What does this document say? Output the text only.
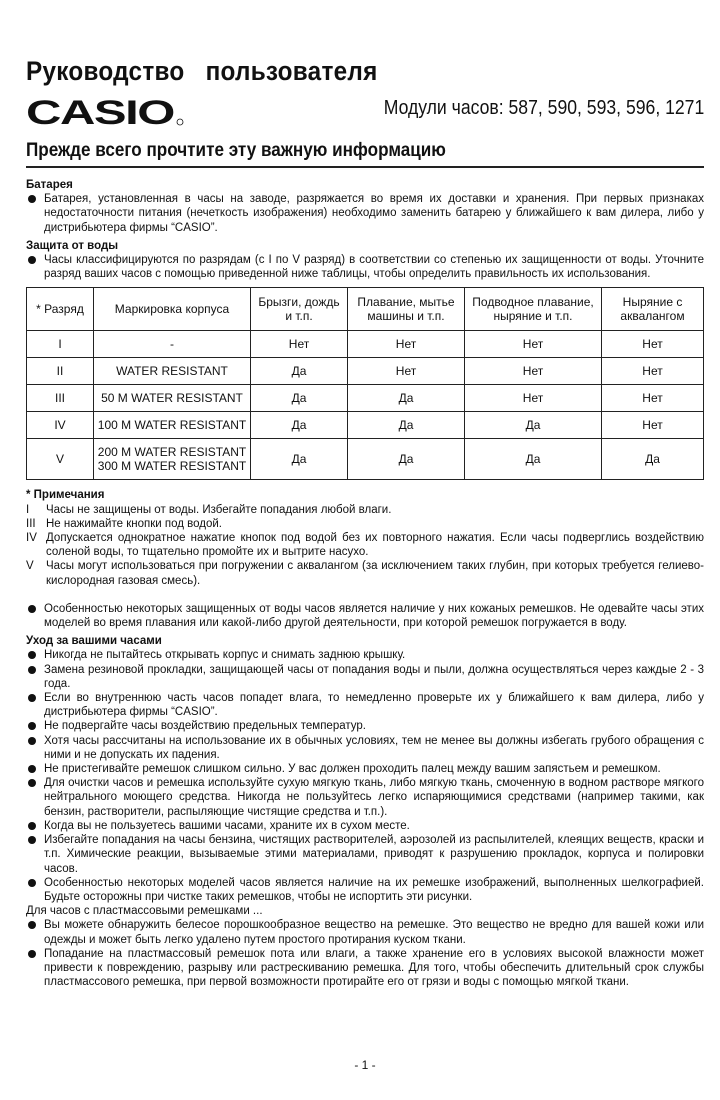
Руководство   пользователя
CASIO	Модули часов: 587, 590, 593, 596, 1271
Прежде всего прочтите эту важную информацию
Батарея
Батарея, установленная в часы на заводе, разряжается во время их доставки и хранения. При первых признаках недостаточности питания (нечеткость изображения) необходимо заменить батарею у ближайшего к вам дилера, либо у дистрибьютера фирмы “CASIO”.
Защита от воды
Часы классифицируются по разрядам (с I по V разряд) в соответствии со степенью их защищенности от воды. Уточните разряд ваших часов с помощью приведенной ниже таблицы, чтобы определить правильность их использования.
* Разряд	Маркировка корпуса	Брызги, дождь и т.п.	Плавание, мытье машины и т.п.	Подводное плавание, ныряние и т.п.	Ныряние с аквалангом
I	-	Нет	Нет	Нет	Нет
II	WATER RESISTANT	Да	Нет	Нет	Нет
III	50 M WATER RESISTANT	Да	Да	Нет	Нет
IV	100 M WATER RESISTANT	Да	Да	Да	Нет
V	200 M WATER RESISTANT
300 M WATER RESISTANT	Да	Да	Да	Да
* Примечания
I	Часы не защищены от воды. Избегайте попадания любой влаги.
III Не нажимайте кнопки под водой.
IV Допускается однократное нажатие кнопок под водой без их повторного нажатия. Если часы подверглись воздействию соленой воды, то тщательно промойте их и вытрите насухо.
V	Часы могут использоваться при погружении с аквалангом (за исключением таких глубин, при которых требуется гелиево-кислородная газовая смесь).
Особенностью некоторых защищенных от воды часов является наличие у них кожаных ремешков. Не одевайте часы этих моделей во время плавания или какой-либо другой деятельности, при которой ремешок погружается в воду.
Уход за вашими часами
Никогда не пытайтесь открывать корпус и снимать заднюю крышку.
Замена резиновой прокладки, защищающей часы от попадания воды и пыли, должна осуществляться через каждые 2 - 3 года.
Если во внутреннюю часть часов попадет влага, то немедленно проверьте их у ближайшего к вам дилера, либо у дистрибьютера фирмы “CASIO”.
Не подвергайте часы воздействию предельных температур.
Хотя часы рассчитаны на использование их в обычных условиях, тем не менее вы должны избегать грубого обращения с ними и не допускать их падения.
Не пристегивайте ремешок слишком сильно. У вас должен проходить палец между вашим запястьем и ремешком.
Для очистки часов и ремешка используйте сухую мягкую ткань, либо мягкую ткань, смоченную в водном растворе мягкого нейтрального моющего средства. Никогда не пользуйтесь легко испаряющимися средствами (например такими, как бензин, растворители, распыляющие чистящие средства и т.п.).
Когда вы не пользуетесь вашими часами, храните их в сухом месте.
Избегайте попадания на часы бензина, чистящих растворителей, аэрозолей из распылителей, клеящих веществ, краски и т.п. Химические реакции, вызываемые этими материалами, приводят к разрушению прокладок, корпуса и полировки часов.
Особенностью некоторых моделей часов является наличие на их ремешке изображений, выполненных шелкографией. Будьте осторожны при чистке таких ремешков, чтобы не испортить эти рисунки.
Для часов с пластмассовыми ремешками ...
Вы можете обнаружить белесое порошкообразное вещество на ремешке. Это вещество не вредно для вашей кожи или одежды и может быть легко удалено путем простого протирания куском ткани.
Попадание на пластмассовый ремешок пота или влаги, а также хранение его в условиях высокой влажности может привести к повреждению, разрыву или растрескиванию ремешка. Для того, чтобы обеспечить длительный срок службы пластмассового ремешка, при первой возможности протирайте его от грязи и воды с помощью мягкой ткани.
- 1 -
